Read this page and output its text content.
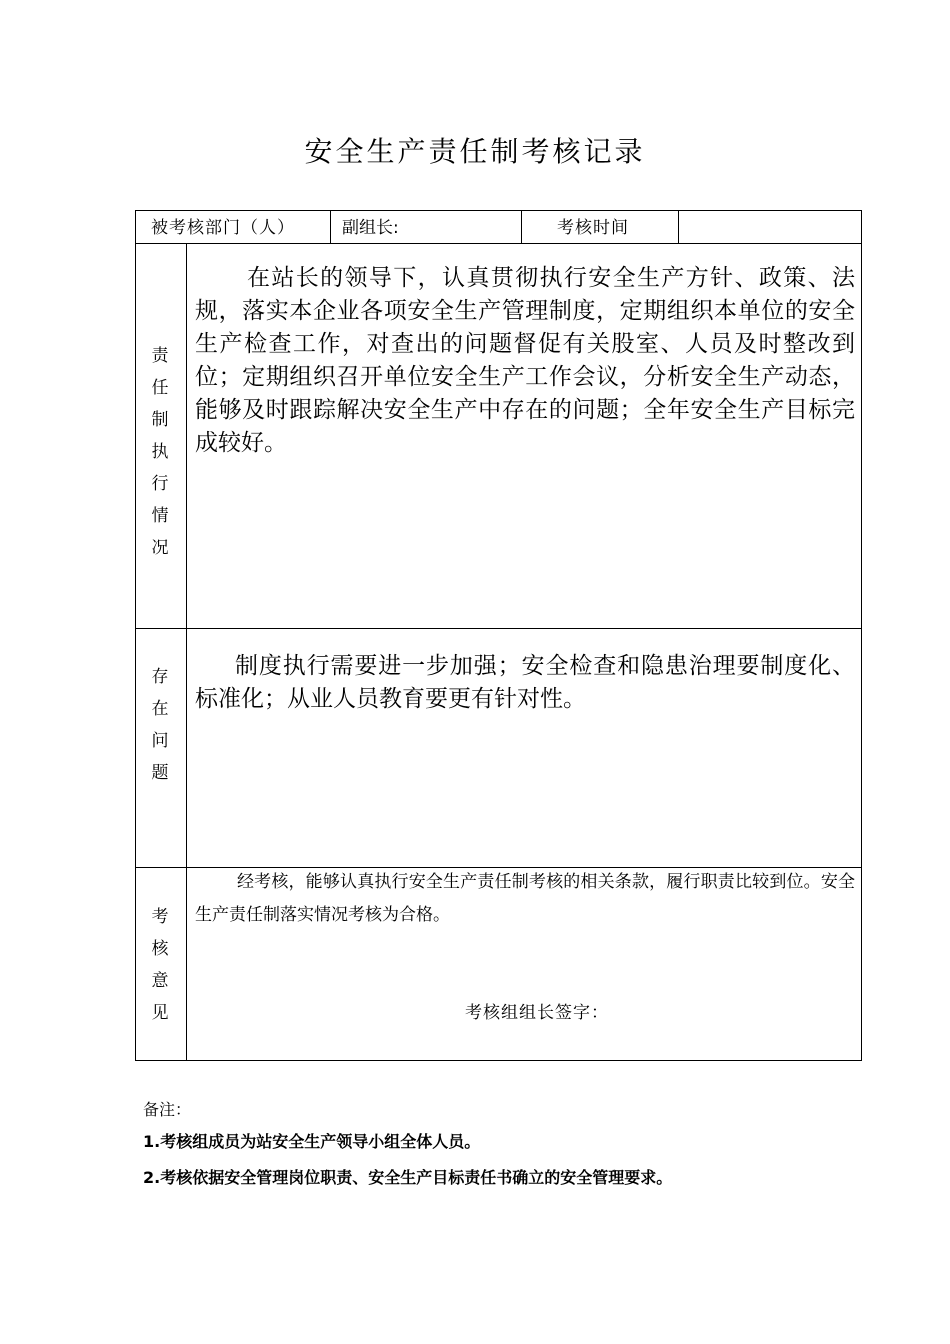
安全生产责任制考核记录
被考核部门（人）	副组长:	考核时间
责
任
制
执
行
情
况
在站长的领导下，认真贯彻执行安全生产方针、政策、法规，落实本企业各项安全生产管理制度，定期组织本单位的安全生产检查工作，对查出的问题督促有关股室、人员及时整改到位；定期组织召开单位安全生产工作会议，分析安全生产动态，能够及时跟踪解决安全生产中存在的问题；全年安全生产目标完成较好。
存
在
问
题
制度执行需要进一步加强；安全检查和隐患治理要制度化、标准化；从业人员教育要更有针对性。
考
核
意
见
经考核，能够认真执行安全生产责任制考核的相关条款，履行职责比较到位。安全生产责任制落实情况考核为合格。
考核组组长签字：
备注：
1.考核组成员为站安全生产领导小组全体人员。
2.考核依据安全管理岗位职责、安全生产目标责任书确立的安全管理要求。
